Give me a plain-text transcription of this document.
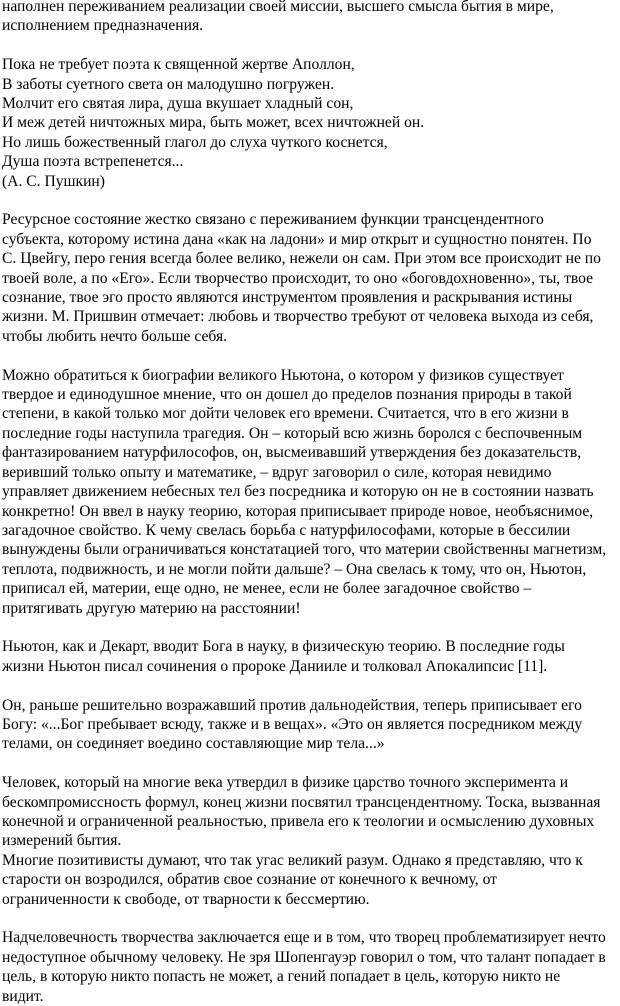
наполнен переживанием реализации своей миссии, высшего смысла бытия в мире,
исполнением предназначения.
Пока не требует поэта к священной жертве Аполлон,
В заботы суетного света он малодушно погружен.
Молчит его святая лира, душа вкушает хладный сон,
И меж детей ничтожных мира, быть может, всех ничтожней он.
Но лишь божественный глагол до слуха чуткого коснется,
Душа поэта встрепенется...
(А. С. Пушкин)
Ресурсное состояние жестко связано с переживанием функции трансцендентного
субъекта, которому истина дана «как на ладони» и мир открыт и сущностно понятен. По
С. Цвейгу, перо гения всегда более велико, нежели он сам. При этом все происходит не по
твоей воле, а по «Его». Если творчество происходит, то оно «боговдохновенно», ты, твое
сознание, твое эго просто являются инструментом проявления и раскрывания истины
жизни. М. Пришвин отмечает: любовь и творчество требуют от человека выхода из себя,
чтобы любить нечто больше себя.
Можно обратиться к биографии великого Ньютона, о котором у физиков существует
твердое и единодушное мнение, что он дошел до пределов познания природы в такой
степени, в какой только мог дойти человек его времени. Считается, что в его жизни в
последние годы наступила трагедия. Он – который всю жизнь боролся с беспочвенным
фантазированием натурфилософов, он, высмеивавший утверждения без доказательств,
веривший только опыту и математике, – вдруг заговорил о силе, которая невидимо
управляет движением небесных тел без посредника и которую он не в состоянии назвать
конкретно! Он ввел в науку теорию, которая приписывает природе новое, необъяснимое,
загадочное свойство. К чему свелась борьба с натурфилософами, которые в бессилии
вынуждены были ограничиваться констатацией того, что материи свойственны магнетизм,
теплота, подвижность, и не могли пойти дальше? – Она свелась к тому, что он, Ньютон,
приписал ей, материи, еще одно, не менее, если не более загадочное свойство –
притягивать другую материю на расстоянии!
Ньютон, как и Декарт, вводит Бога в науку, в физическую теорию. В последние годы
жизни Ньютон писал сочинения о пророке Данииле и толковал Апокалипсис [11].
Он, раньше решительно возражавший против дальнодействия, теперь приписывает его
Богу: «...Бог пребывает всюду, также и в вещах». «Это он является посредником между
телами, он соединяет воедино составляющие мир тела...»
Человек, который на многие века утвердил в физике царство точного эксперимента и
бескомпромиссность формул, конец жизни посвятил трансцендентному. Тоска, вызванная
конечной и ограниченной реальностью, привела его к теологии и осмыслению духовных
измерений бытия.
Многие позитивисты думают, что так угас великий разум. Однако я представляю, что к
старости он возродился, обратив свое сознание от конечного к вечному, от
ограниченности к свободе, от тварности к бессмертию.
Надчеловечность творчества заключается еще и в том, что творец проблематизирует нечто
недоступное обычному человеку. Не зря Шопенгауэр говорил о том, что талант попадает в
цель, в которую никто попасть не может, а гений попадает в цель, которую никто не
видит.
